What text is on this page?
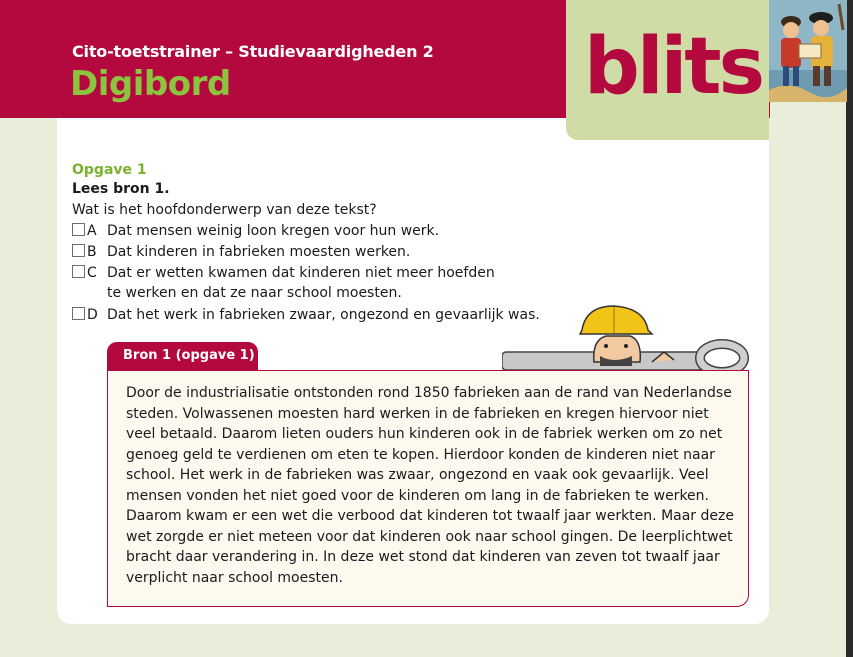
Cito-toetstrainer – Studievaardigheden 2
Digibord	blits
Opgave 1
Lees bron 1.
Wat is het hoofdonderwerp van deze tekst?
A Dat mensen weinig loon kregen voor hun werk.
B Dat kinderen in fabrieken moesten werken.
C Dat er wetten kwamen dat kinderen niet meer hoefden
te werken en dat ze naar school moesten.
D Dat het werk in fabrieken zwaar, ongezond en gevaarlijk was.
Bron 1 (opgave 1)
Door de industrialisatie ontstonden rond 1850 fabrieken aan de rand van Nederlandse
steden. Volwassenen moesten hard werken in de fabrieken en kregen hiervoor niet
veel betaald. Daarom lieten ouders hun kinderen ook in de fabriek werken om zo net
genoeg geld te verdienen om eten te kopen. Hierdoor konden de kinderen niet naar
school. Het werk in de fabrieken was zwaar, ongezond en vaak ook gevaarlijk. Veel
mensen vonden het niet goed voor de kinderen om lang in de fabrieken te werken.
Daarom kwam er een wet die verbood dat kinderen tot twaalf jaar werkten. Maar deze
wet zorgde er niet meteen voor dat kinderen ook naar school gingen. De leerplichtwet
bracht daar verandering in. In deze wet stond dat kinderen van zeven tot twaalf jaar
verplicht naar school moesten.
